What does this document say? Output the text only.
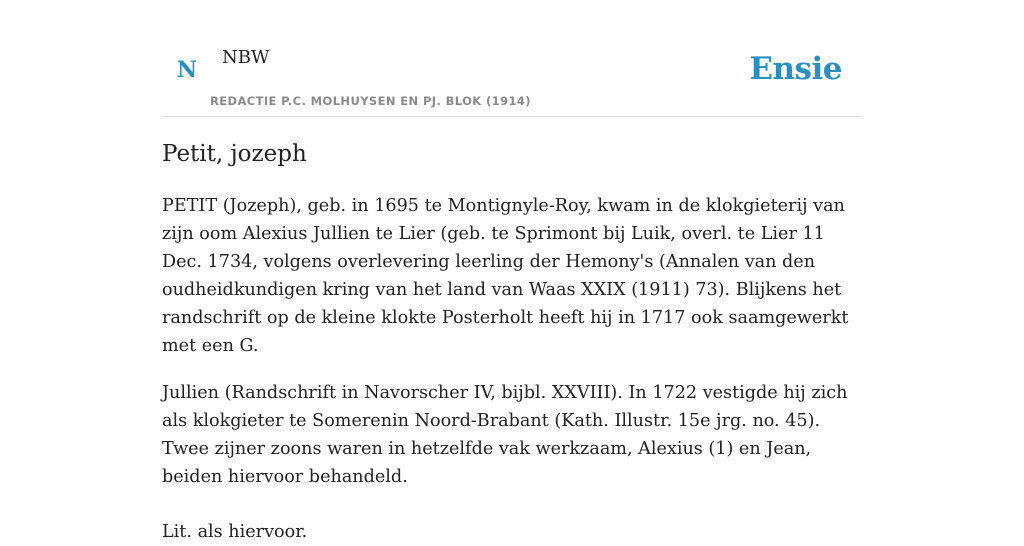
N NBW
REDACTIE P.C. MOLHUYSEN EN PJ. BLOK (1914)
Ensie
Petit, jozeph

PETIT (Jozeph), geb. in 1695 te Montignyle-Roy, kwam in de klokgieterij van zijn oom Alexius Jullien te Lier (geb. te Sprimont bij Luik, overl. te Lier 11 Dec. 1734, volgens overlevering leerling der Hemony's (Annalen van den oudheidkundigen kring van het land van Waas XXIX (1911) 73). Blijkens het randschrift op de kleine klokte Posterholt heeft hij in 1717 ook saamgewerkt met een G.

Jullien (Randschrift in Navorscher IV, bijbl. XXVIII). In 1722 vestigde hij zich als klokgieter te Somerenin Noord-Brabant (Kath. Illustr. 15e jrg. no. 45). Twee zijner zoons waren in hetzelfde vak werkzaam, Alexius (1) en Jean, beiden hiervoor behandeld.

Lit. als hiervoor.
